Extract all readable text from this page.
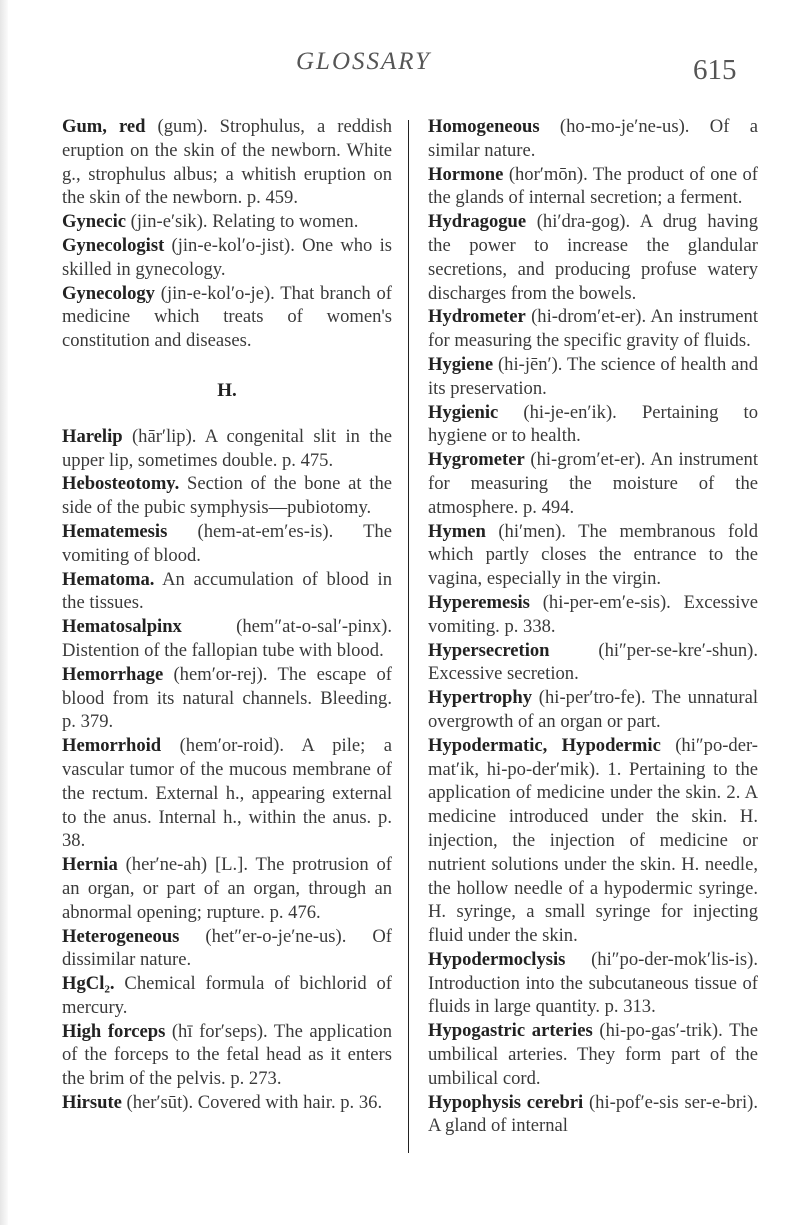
GLOSSARY	615

Gum, red (gum). Strophulus, a reddish eruption on the skin of the newborn. White g., strophulus albus; a whitish eruption on the skin of the newborn. p. 459.

Gynecic (jin-e′sik). Relating to women.

Gynecologist (jin-e-kol′o-jist). One who is skilled in gynecology.

Gynecology (jin-e-kol′o-je). That branch of medicine which treats of women's constitution and diseases.

H.

Harelip (hār′lip). A congenital slit in the upper lip, sometimes double. p. 475.

Hebosteotomy. Section of the bone at the side of the pubic symphysis—pubiotomy.

Hematemesis (hem-at-em′es-is). The vomiting of blood.

Hematoma. An accumulation of blood in the tissues.

Hematosalpinx (hem″at-o-sal′-pinx). Distention of the fallopian tube with blood.

Hemorrhage (hem′or-rej). The escape of blood from its natural channels. Bleeding. p. 379.

Hemorrhoid (hem′or-roid). A pile; a vascular tumor of the mucous membrane of the rectum. External h., appearing external to the anus. Internal h., within the anus. p. 38.

Hernia (her′ne-ah) [L.]. The protrusion of an organ, or part of an organ, through an abnormal opening; rupture. p. 476.

Heterogeneous (het″er-o-je′ne-us). Of dissimilar nature.

HgCl₂. Chemical formula of bichlorid of mercury.

High forceps (hī for′seps). The application of the forceps to the fetal head as it enters the brim of the pelvis. p. 273.

Hirsute (her′sūt). Covered with hair. p. 36.

Homogeneous (ho-mo-je′ne-us). Of a similar nature.

Hormone (hor′mōn). The product of one of the glands of internal secretion; a ferment.

Hydragogue (hi′dra-gog). A drug having the power to increase the glandular secretions, and producing profuse watery discharges from the bowels.

Hydrometer (hi-drom′et-er). An instrument for measuring the specific gravity of fluids.

Hygiene (hi-jēn′). The science of health and its preservation.

Hygienic (hi-je-en′ik). Pertaining to hygiene or to health.

Hygrometer (hi-grom′et-er). An instrument for measuring the moisture of the atmosphere. p. 494.

Hymen (hi′men). The membranous fold which partly closes the entrance to the vagina, especially in the virgin.

Hyperemesis (hi-per-em′e-sis). Excessive vomiting. p. 338.

Hypersecretion (hi″per-se-kre′-shun). Excessive secretion.

Hypertrophy (hi-per′tro-fe). The unnatural overgrowth of an organ or part.

Hypodermatic, Hypodermic (hi″po-der-mat′ik, hi-po-der′mik). 1. Pertaining to the application of medicine under the skin. 2. A medicine introduced under the skin. H. injection, the injection of medicine or nutrient solutions under the skin. H. needle, the hollow needle of a hypodermic syringe. H. syringe, a small syringe for injecting fluid under the skin.

Hypodermoclysis (hi″po-der-mok′lis-is). Introduction into the subcutaneous tissue of fluids in large quantity. p. 313.

Hypogastric arteries (hi-po-gas′-trik). The umbilical arteries. They form part of the umbilical cord.

Hypophysis cerebri (hi-pof′e-sis ser-e-bri). A gland of internal
